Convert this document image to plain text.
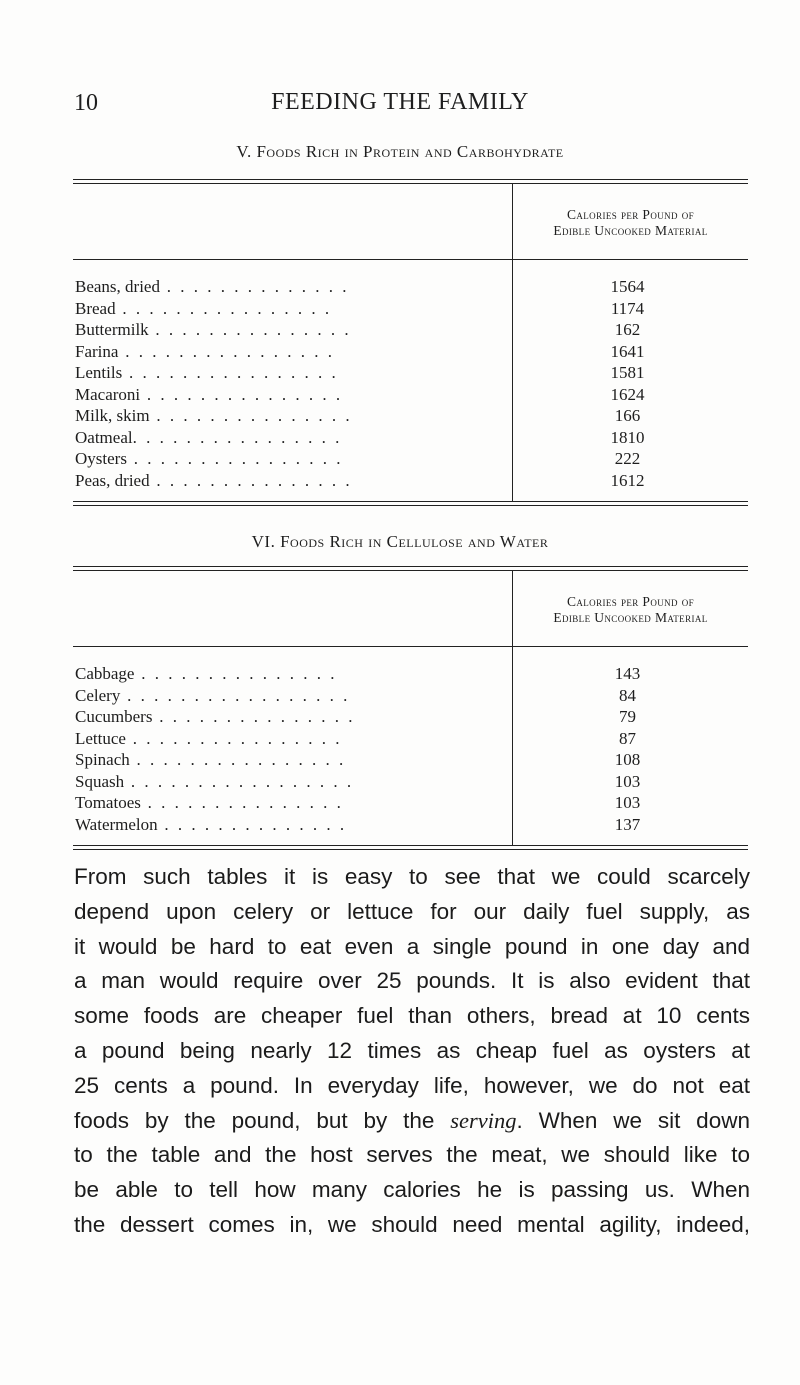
10	FEEDING THE FAMILY
V. Foods Rich in Protein and Carbohydrate
Calories per Pound of
Edible Uncooked Material
Beans, dried . . . . . . . . . . . . . .
Bread . . . . . . . . . . . . . . . .
Buttermilk . . . . . . . . . . . . . . .
Farina . . . . . . . . . . . . . . . .
Lentils . . . . . . . . . . . . . . . .
Macaroni . . . . . . . . . . . . . . .
Milk, skim . . . . . . . . . . . . . . .
Oatmeal. . . . . . . . . . . . . . . .
Oysters . . . . . . . . . . . . . . . .
Peas, dried . . . . . . . . . . . . . . .
1564
1174
162
1641
1581
1624
166
1810
222
1612
VI. Foods Rich in Cellulose and Water
Calories per Pound of
Edible Uncooked Material
Cabbage . . . . . . . . . . . . . . .
Celery . . . . . . . . . . . . . . . . .
Cucumbers . . . . . . . . . . . . . . .
Lettuce . . . . . . . . . . . . . . . .
Spinach . . . . . . . . . . . . . . . .
Squash . . . . . . . . . . . . . . . . .
Tomatoes . . . . . . . . . . . . . . .
Watermelon . . . . . . . . . . . . . .
143
84
79
87
108
103
103
137
From such tables it is easy to see that we could scarcely
depend upon celery or lettuce for our daily fuel supply, as
it would be hard to eat even a single pound in one day and
a man would require over 25 pounds. It is also evident that
some foods are cheaper fuel than others, bread at 10 cents
a pound being nearly 12 times as cheap fuel as oysters at
25 cents a pound. In everyday life, however, we do not eat
foods by the pound, but by the serving. When we sit down
to the table and the host serves the meat, we should like to
be able to tell how many calories he is passing us. When
the dessert comes in, we should need mental agility, indeed,
